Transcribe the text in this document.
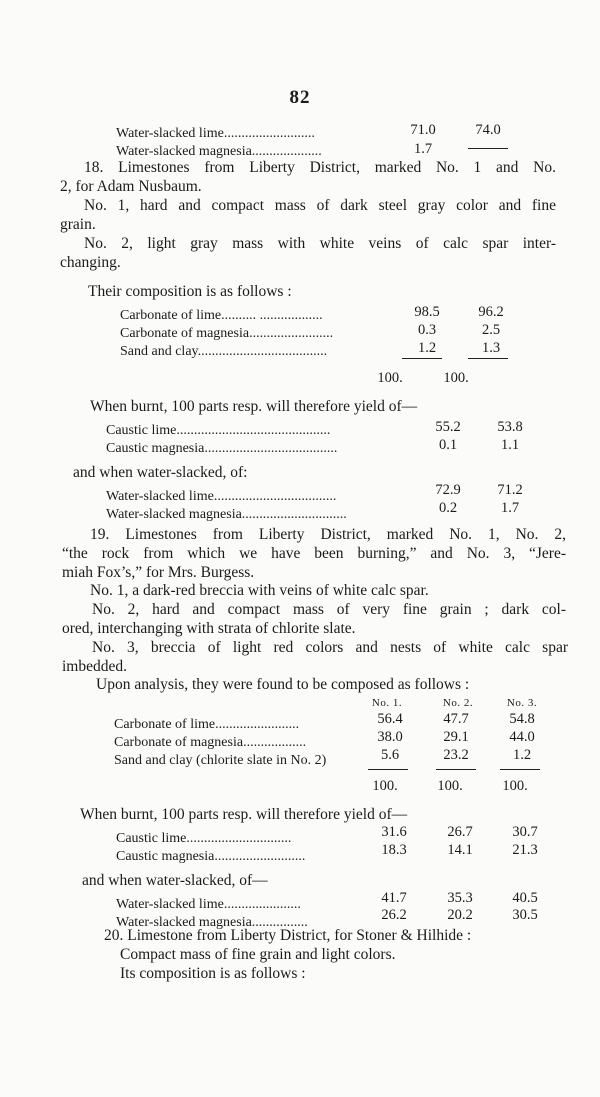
82
Water-slacked lime..........................	71.0	74.0
Water-slacked magnesia....................	1.7
18. Limestones from Liberty District, marked No. 1 and No.
2, for Adam Nusbaum.
No. 1, hard and compact mass of dark steel gray color and fine
grain.
No. 2, light gray mass with white veins of calc spar inter-
changing.
Their composition is as follows :
Carbonate of lime.......... ..................	98.5	96.2
Carbonate of magnesia........................	0.3	2.5
Sand and clay.....................................	1.2	1.3
100.	100.
When burnt, 100 parts resp. will therefore yield of—
Caustic lime............................................	55.2	53.8
Caustic magnesia......................................	0.1	1.1
and when water-slacked, of:
Water-slacked lime...................................	72.9	71.2
Water-slacked magnesia..............................	0.2	1.7
19. Limestones from Liberty District, marked No. 1, No. 2,
“the rock from which we have been burning,” and No. 3, “Jere-
miah Fox’s,” for Mrs. Burgess.
No. 1, a dark-red breccia with veins of white calc spar.
No. 2, hard and compact mass of very fine grain ; dark col-
ored, interchanging with strata of chlorite slate.
No. 3, breccia of light red colors and nests of white calc spar
imbedded.
Upon analysis, they were found to be composed as follows :
No. 1.	No. 2.	No. 3.
Carbonate of lime........................	56.4	47.7	54.8
Carbonate of magnesia..................	38.0	29.1	44.0
Sand and clay (chlorite slate in No. 2)	5.6	23.2	1.2
100.	100.	100.
When burnt, 100 parts resp. will therefore yield of—
Caustic lime..............................	31.6	26.7	30.7
Caustic magnesia..........................	18.3	14.1	21.3
and when water-slacked, of—
Water-slacked lime......................	41.7	35.3	40.5
Water-slacked magnesia................	26.2	20.2	30.5
20. Limestone from Liberty District, for Stoner & Hilhide :
Compact mass of fine grain and light colors.
Its composition is as follows :
